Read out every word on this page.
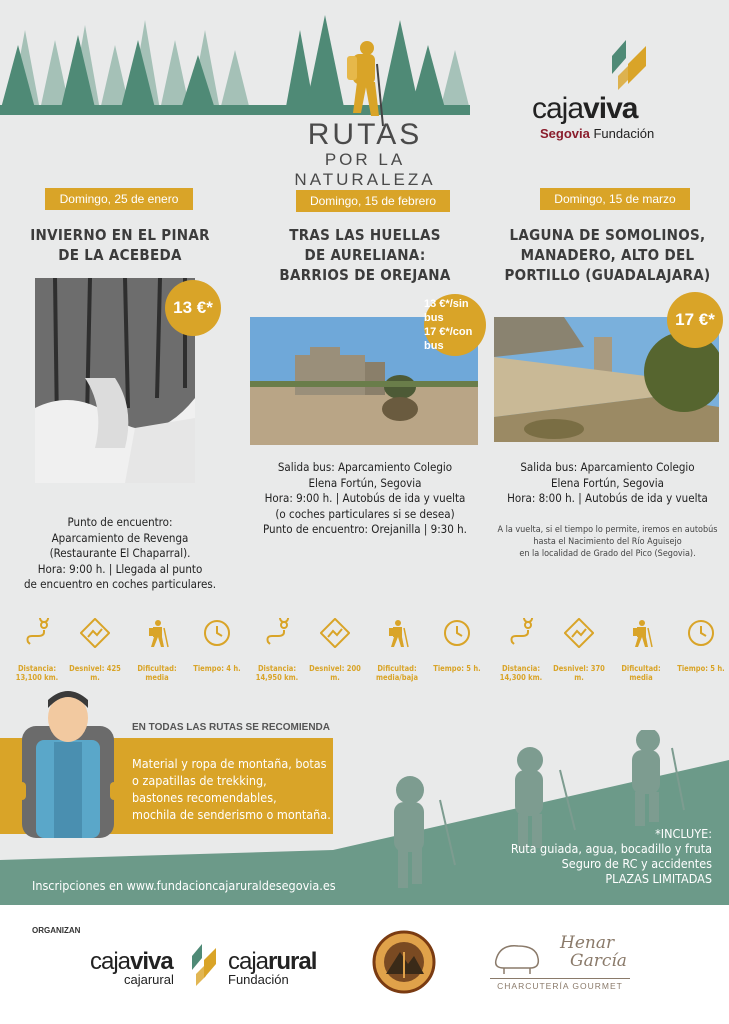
RUTAS
POR LA NATURALEZA
cajaviva
Segovia Fundación
Domingo, 25 de enero
INVIERNO EN EL PINAR
DE LA ACEBEDA
13 €*
Punto de encuentro:
Aparcamiento de Revenga
(Restaurante El Chaparral).
Hora: 9:00 h. | Llegada al punto
de encuentro en coches particulares.
Domingo, 15 de febrero
TRAS LAS HUELLAS
DE AURELIANA:
BARRIOS DE OREJANA
13 €*/sin bus
17 €*/con bus
Salida bus: Aparcamiento Colegio
Elena Fortún, Segovia
Hora: 9:00 h. | Autobús de ida y vuelta
(o coches particulares si se desea)
Punto de encuentro: Orejanilla | 9:30 h.
Domingo, 15 de marzo
LAGUNA DE SOMOLINOS,
MANADERO, ALTO DEL
PORTILLO (GUADALAJARA)
17 €*
Salida bus: Aparcamiento Colegio
Elena Fortún, Segovia
Hora: 8:00 h. | Autobús de ida y vuelta
A la vuelta, si el tiempo lo permite, iremos en autobús
hasta el Nacimiento del Río Aguisejo
en la localidad de Grado del Pico (Segovia).
Distancia: 13,100 km.
Desnivel: 425 m.
Dificultad: media
Tiempo: 4 h.	Distancia: 14,950 km.
Desnivel: 200 m.
Dificultad: media/baja
Tiempo: 5 h.	Distancia: 14,300 km.
Desnivel: 370 m.
Dificultad: media
Tiempo: 5 h.
EN TODAS LAS RUTAS SE RECOMIENDA
Material y ropa de montaña, botas
o zapatillas de trekking,
bastones recomendables,
mochila de senderismo o montaña.
*INCLUYE:
Ruta guiada, agua, bocadillo y fruta
Seguro de RC y accidentes
PLAZAS LIMITADAS
Inscripciones en www.fundacioncajaruraldesegovia.es
ORGANIZAN
cajaviva
cajarural
cajarural
Fundación
Henar
García
CHARCUTERÍA GOURMET
